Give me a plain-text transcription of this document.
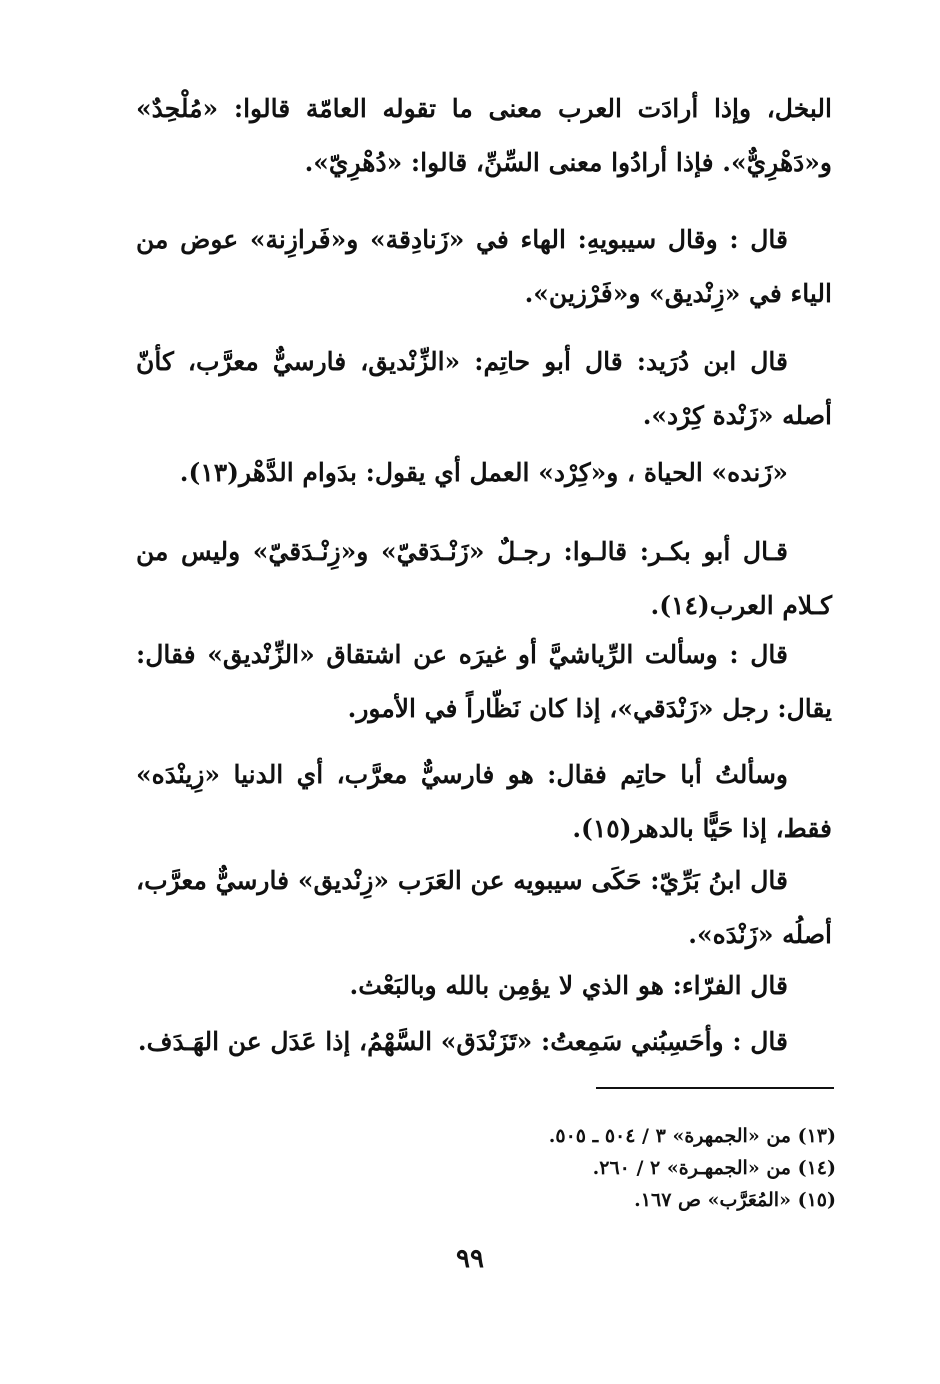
البخل، وإذا أرادَت العرب معنى ما تقوله العامّة قالوا: «مُلْحِدٌ» و«دَهْرِيٌّ». فإذا أرادُوا معنى السِّنِّ، قالوا: «دُهْرِيّ».
قال : وقال سيبويهِ: الهاء في «زَنادِقة» و«فَرازِنة» عوض من الياء في «زِنْديق» و«فَرْزين».
قال ابن دُرَيد: قال أبو حاتِم: «الزِّنْديق، فارسيٌّ معرَّب، كأنّ أصله «زَنْدة كِرْد».
«زَنده» الحياة ، و«كِرْد» العمل أي يقول: بدَوام الدَّهْر(١٣).
قـال أبو بكـر: قالـوا: رجـلٌ «زَنْـدَقيّ» و«زِنْـدَقيّ» وليس من كـلام العرب(١٤).
قال : وسألت الرِّياشيَّ أو غيرَه عن اشتقاق «الزِّنْديق» فقال: يقال: رجل «زَنْدَقي»، إذا كان نَظّاراً في الأمور.
وسألتُ أبا حاتِم فقال: هو فارسيٌّ معرَّب، أي الدنيا «زِينْدَه» فقط، إذا حَيًّا بالدهر(١٥).
قال ابنُ بَرِّيّ: حَكَى سيبويه عن العَرَب «زِنْديق» فارسيٌّ معرَّب، أصلُه «زَنْدَه».
قال الفرّاء: هو الذي لا يؤمِن بالله وبالبَعْث.
قال : وأحَسِبُني سَمِعتُ: «تَزَنْدَق» السَّهْمُ، إذا عَدَل عن الهَـدَف.
(١٣) من «الجمهرة» ٣ / ٥٠٤ ـ ٥٠٥.
(١٤) من «الجمهـرة» ٢ / ٢٦٠.
(١٥) «المُعَرَّب» ص ١٦٧.
٩٩
